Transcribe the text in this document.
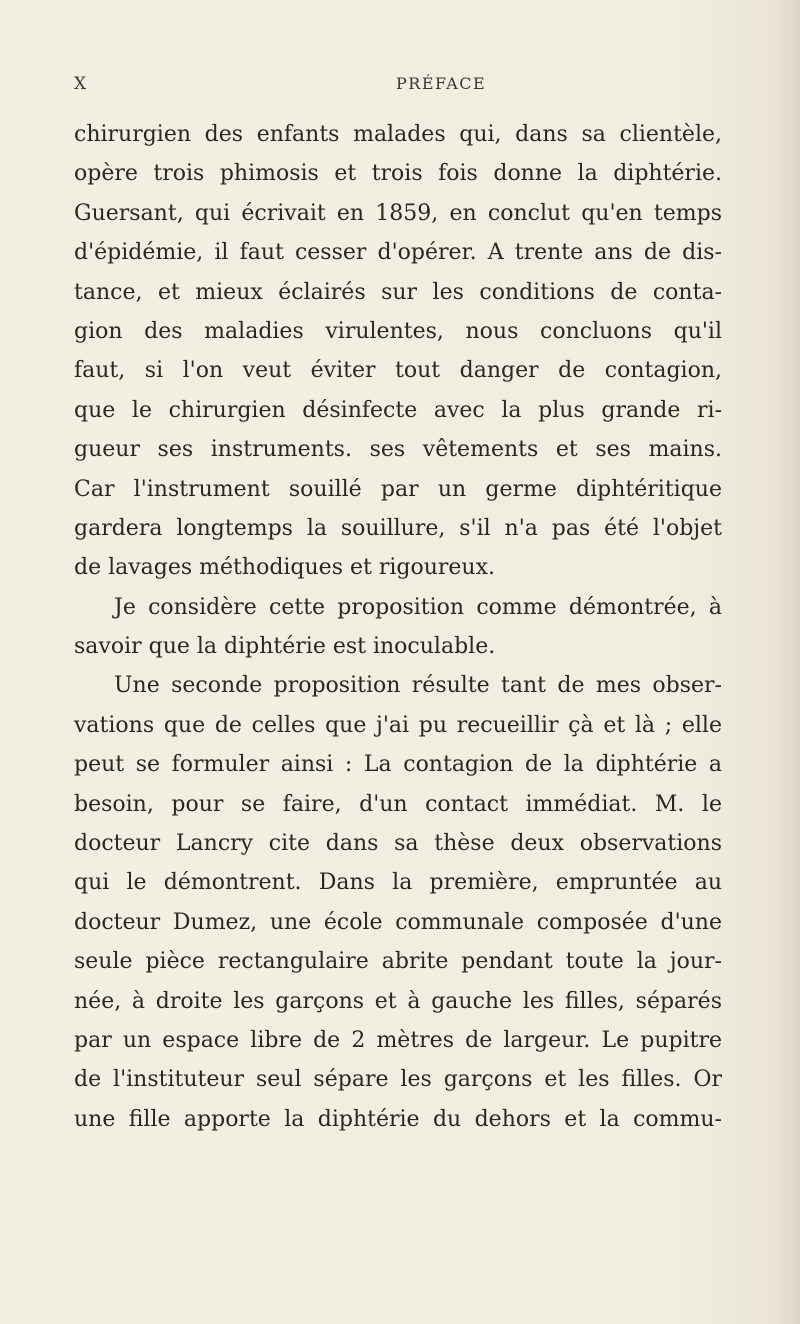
X	PRÉFACE
chirurgien des enfants malades qui, dans sa clientèle,
opère trois phimosis et trois fois donne la diphtérie.
Guersant, qui écrivait en 1859, en conclut qu'en temps
d'épidémie, il faut cesser d'opérer. A trente ans de dis-
tance, et mieux éclairés sur les conditions de conta-
gion des maladies virulentes, nous concluons qu'il
faut, si l'on veut éviter tout danger de contagion,
que le chirurgien désinfecte avec la plus grande ri-
gueur ses instruments. ses vêtements et ses mains.
Car l'instrument souillé par un germe diphtéritique
gardera longtemps la souillure, s'il n'a pas été l'objet
de lavages méthodiques et rigoureux.
Je considère cette proposition comme démontrée, à
savoir que la diphtérie est inoculable.
Une seconde proposition résulte tant de mes obser-
vations que de celles que j'ai pu recueillir çà et là ; elle
peut se formuler ainsi : La contagion de la diphtérie a
besoin, pour se faire, d'un contact immédiat. M. le
docteur Lancry cite dans sa thèse deux observations
qui le démontrent. Dans la première, empruntée au
docteur Dumez, une école communale composée d'une
seule pièce rectangulaire abrite pendant toute la jour-
née, à droite les garçons et à gauche les filles, séparés
par un espace libre de 2 mètres de largeur. Le pupitre
de l'instituteur seul sépare les garçons et les filles. Or
une fille apporte la diphtérie du dehors et la commu-
